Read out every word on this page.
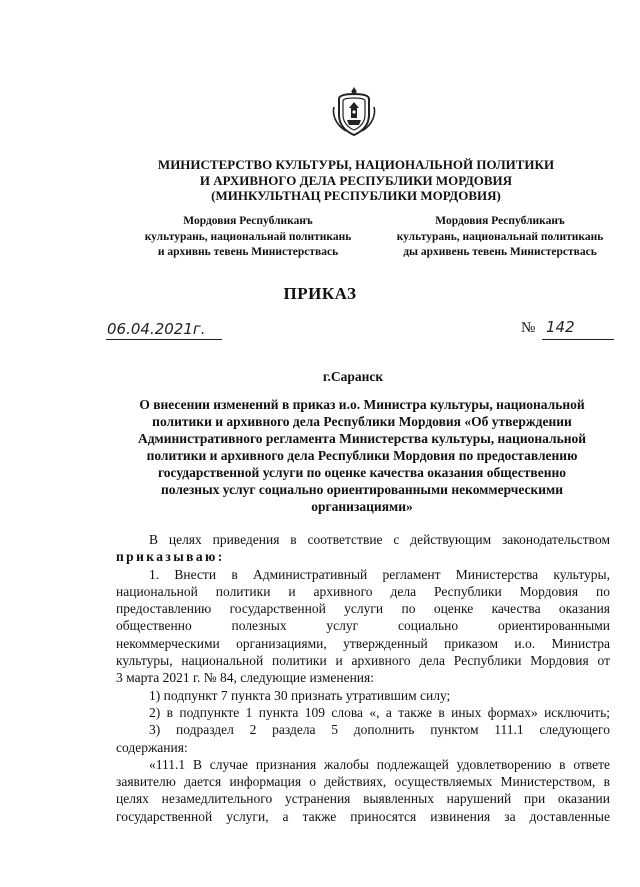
МИНИСТЕРСТВО КУЛЬТУРЫ, НАЦИОНАЛЬНОЙ ПОЛИТИКИ
И АРХИВНОГО ДЕЛА РЕСПУБЛИКИ МОРДОВИЯ
(МИНКУЛЬТНАЦ РЕСПУБЛИКИ МОРДОВИЯ)
Мордовия Республиканъ
культурань, национальнай политикань
и архивнь тевень Министерствась
Мордовия Республиканъ
культурань, национальнай политикань
ды архивень тевень Министерствась
ПРИКАЗ
06.04.2021г.	№ 142
г.Саранск
О внесении изменений в приказ и.о. Министра культуры, национальной
политики и архивного дела Республики Мордовия «Об утверждении
Административного регламента Министерства культуры, национальной
политики и архивного дела Республики Мордовия по предоставлению
государственной услуги по оценке качества оказания общественно
полезных услуг социально ориентированными некоммерческими
организациями»
В целях приведения в соответствие с действующим законодательством
приказываю:
1. Внести в Административный регламент Министерства культуры,
национальной политики и архивного дела Республики Мордовия по
предоставлению государственной услуги по оценке качества оказания
общественно полезных услуг социально ориентированными
некоммерческими организациями, утвержденный приказом и.о. Министра
культуры, национальной политики и архивного дела Республики Мордовия от
3 марта 2021 г. № 84, следующие изменения:
1) подпункт 7 пункта 30 признать утратившим силу;
2) в подпункте 1 пункта 109 слова «, а также в иных формах» исключить;
3) подраздел 2 раздела 5 дополнить пунктом 111.1 следующего
содержания:
«111.1 В случае признания жалобы подлежащей удовлетворению в ответе
заявителю дается информация о действиях, осуществляемых Министерством, в
целях незамедлительного устранения выявленных нарушений при оказании
государственной услуги, а также приносятся извинения за доставленные
